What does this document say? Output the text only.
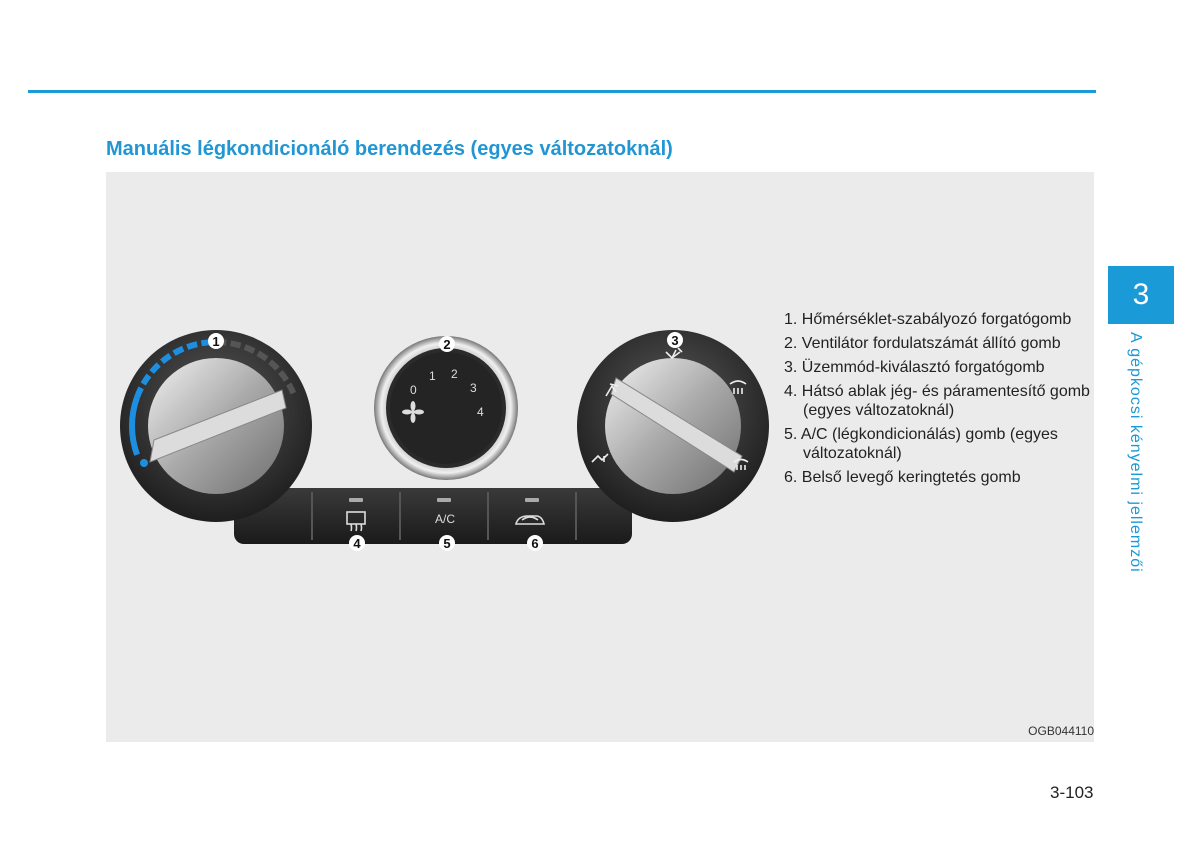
Manuális légkondicionáló berendezés (egyes változatoknál)
A/C
0
1 2
3
4
1	2	3
4	5	6
1. Hőmérséklet-szabályozó forgatógomb
2. Ventilátor fordulatszámát állító gomb
3. Üzemmód-kiválasztó forgatógomb
4. Hátsó ablak jég- és páramentesítő gomb (egyes változatoknál)
5. A/C (légkondicionálás) gomb (egyes változatoknál)
6. Belső levegő keringtetés gomb
OGB044110
3
A gépkocsi kényelmi jellemzői
3-103
